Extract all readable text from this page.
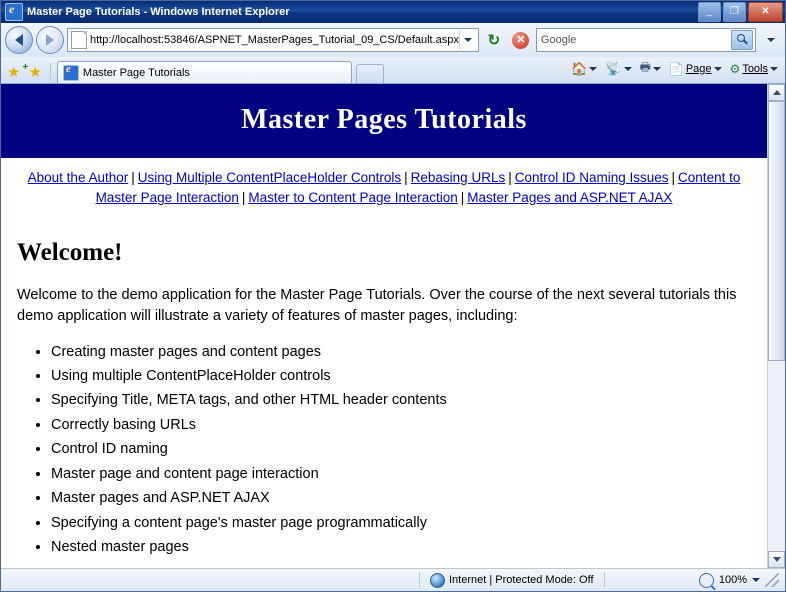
e
Master Page Tutorials - Windows Internet Explorer	_	❐	✕
http://localhost:53846/ASPNET_MasterPages_Tutorial_09_CS/Default.aspx ↻	✕	Google
★ ★ + e	Master Page Tutorials	🏠 📡 🖶 📄 Page ⚙ Tools
Master Pages Tutorials
About the Author | Using Multiple ContentPlaceHolder Controls | Rebasing URLs | Control ID Naming Issues | Content to Master Page Interaction | Master to Content Page Interaction | Master Pages and ASP.NET AJAX
Welcome!

Welcome to the demo application for the Master Page Tutorials. Over the course of the next several tutorials this demo application will illustrate a variety of features of master pages, including:

• Creating master pages and content pages
• Using multiple ContentPlaceHolder controls
• Specifying Title, META tags, and other HTML header contents
• Correctly basing URLs
• Control ID naming
• Master page and content page interaction
• Master pages and ASP.NET AJAX
• Specifying a content page's master page programmatically
• Nested master pages
Internet | Protected Mode: Off	100%
